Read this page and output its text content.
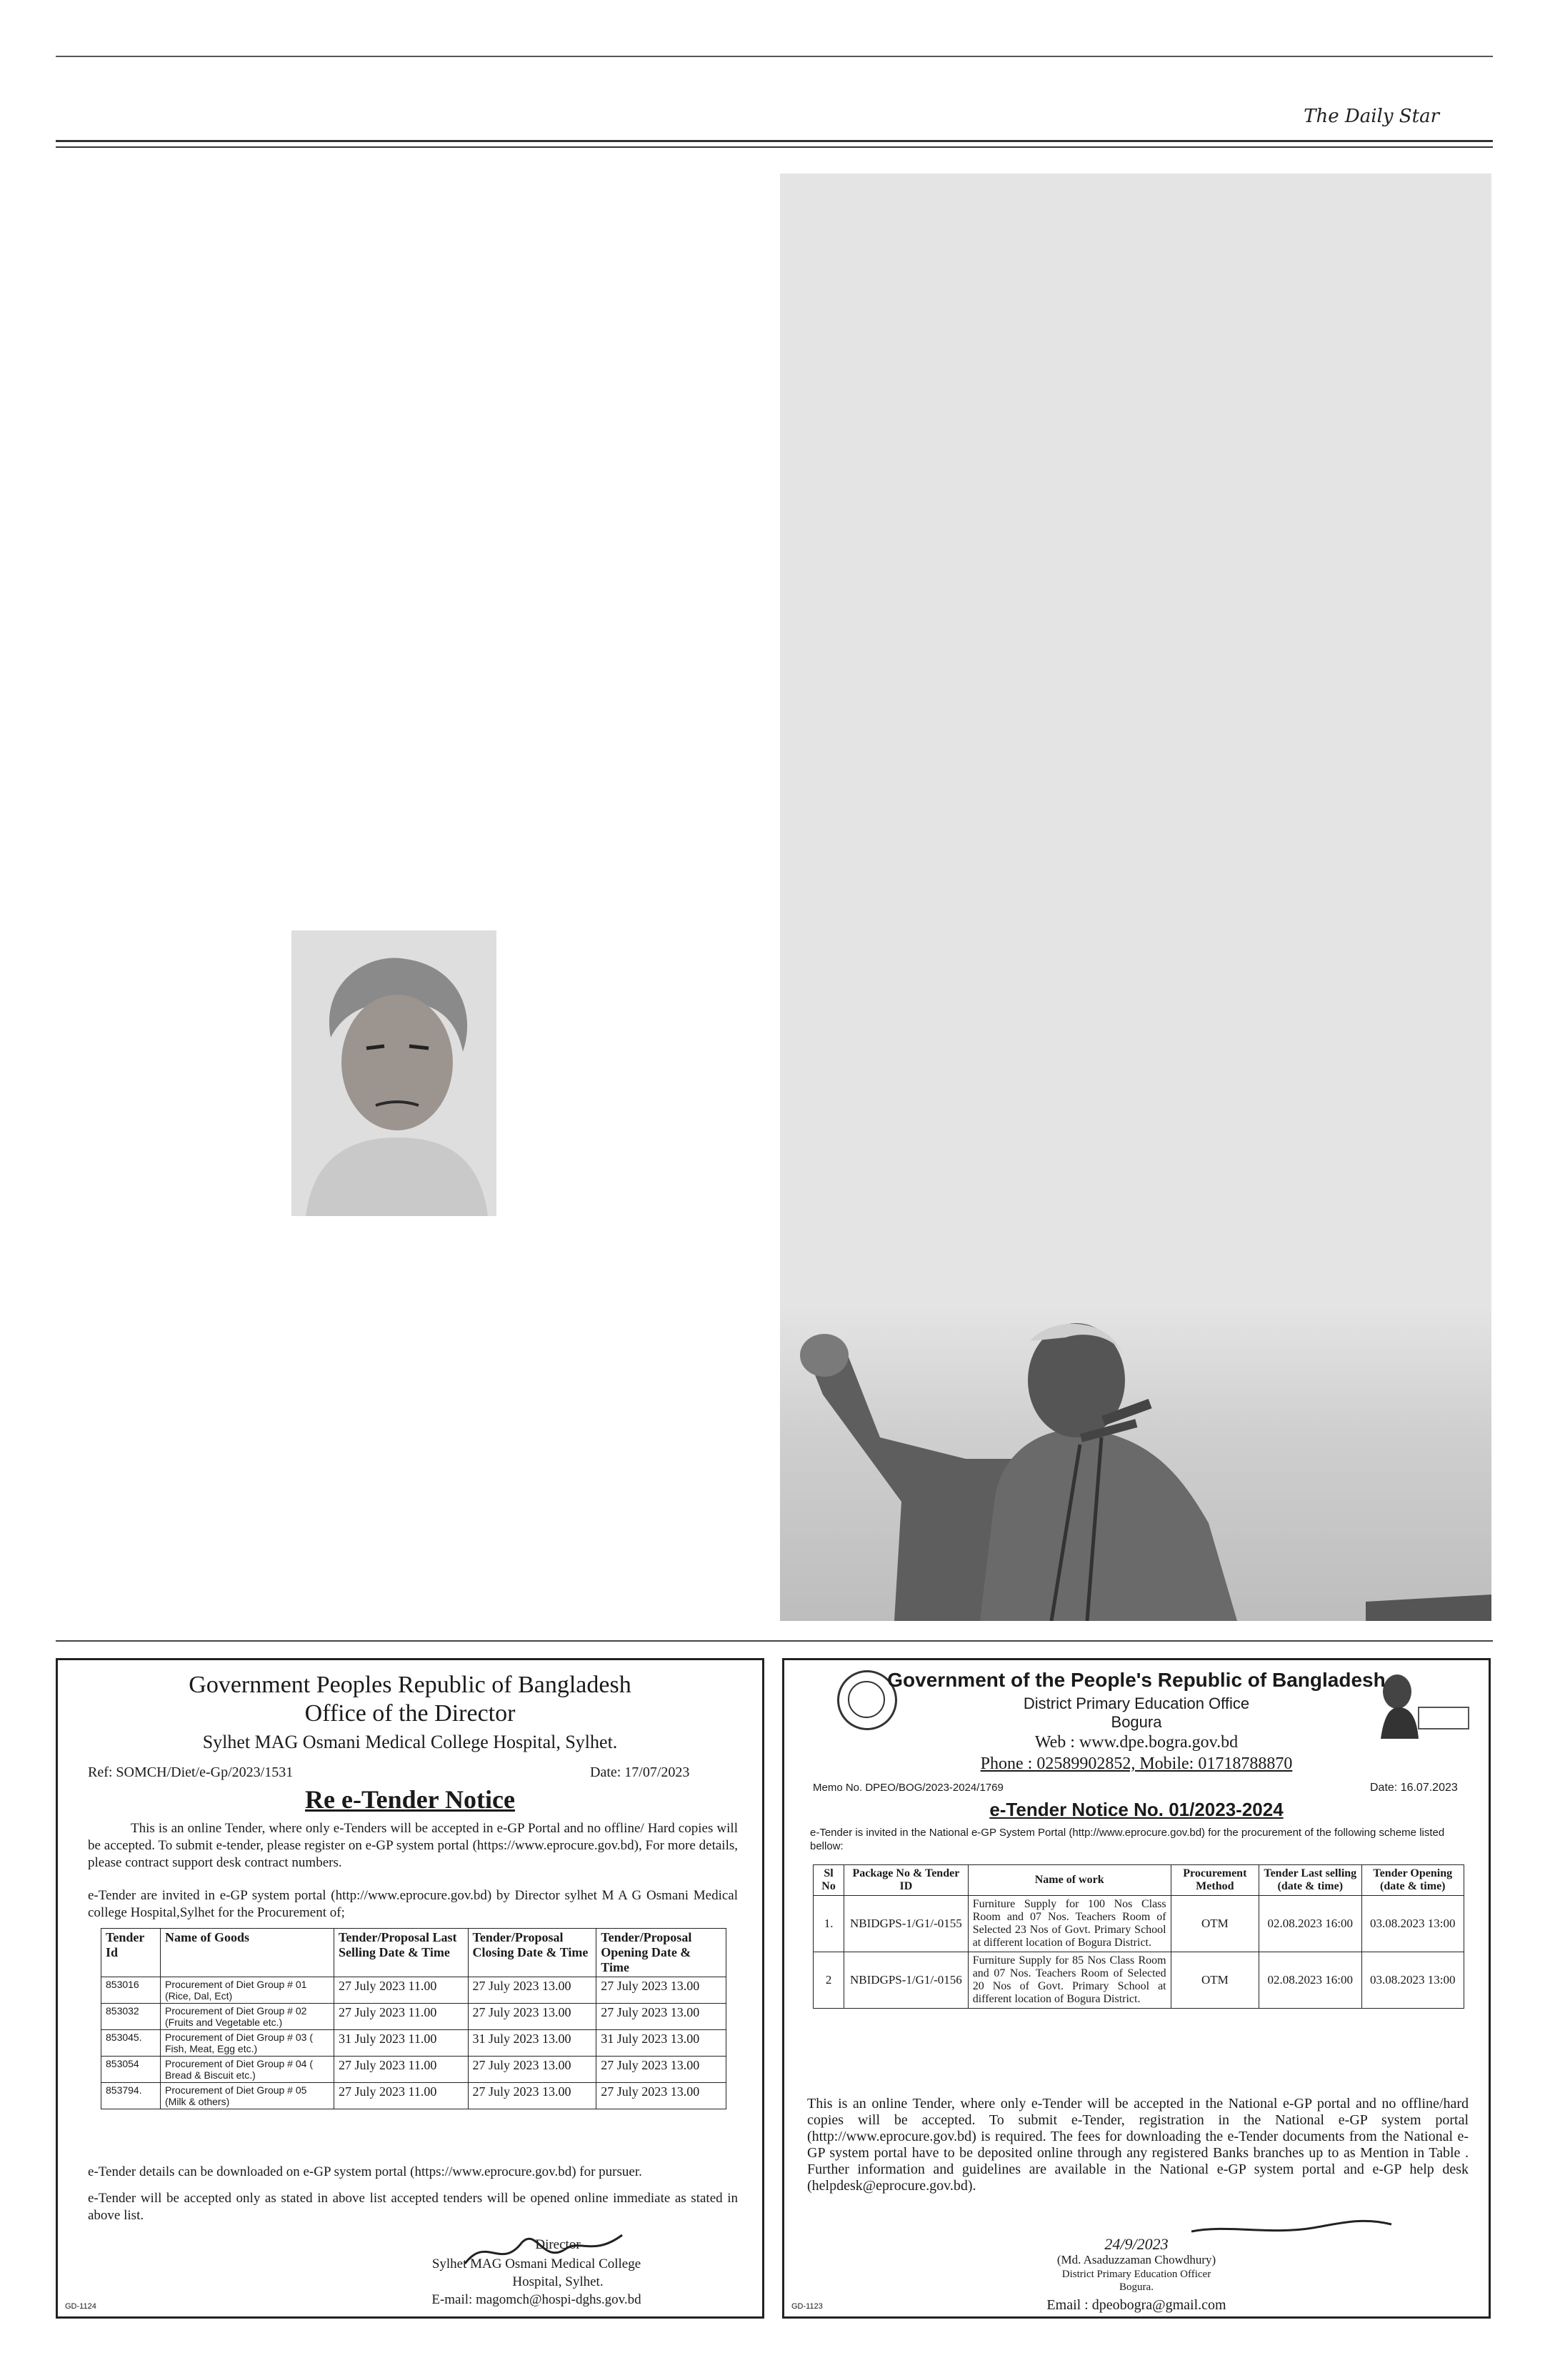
The Daily Star
Government Peoples Republic of Bangladesh
Office of the Director
Sylhet MAG Osmani Medical College Hospital, Sylhet.
Ref: SOMCH/Diet/e-Gp/2023/1531	Date: 17/07/2023
Re e-Tender Notice
This is an online Tender, where only e-Tenders will be accepted in e-GP Portal and no offline/ Hard copies will be accepted. To submit e-tender, please register on e-GP system portal (https://www.eprocure.gov.bd), For more details, please contract support desk contract numbers.
e-Tender are invited in e-GP system portal (http://www.eprocure.gov.bd) by Director sylhet M A G Osmani Medical college Hospital,Sylhet for the Procurement of;
Tender Id	Name of Goods	Tender/Proposal Last Selling Date & Time	Tender/Proposal Closing Date & Time	Tender/Proposal Opening Date & Time
853016	Procurement of Diet Group # 01 (Rice, Dal, Ect)	27 July 2023 11.00	27 July 2023 13.00	27 July 2023 13.00
853032	Procurement of Diet Group # 02 (Fruits and Vegetable etc.)	27 July 2023 11.00	27 July 2023 13.00	27 July 2023 13.00
853045.	Procurement of Diet Group # 03 ( Fish, Meat, Egg etc.)	31 July 2023 11.00	31 July 2023 13.00	31 July 2023 13.00
853054	Procurement of Diet Group # 04 ( Bread & Biscuit etc.)	27 July 2023 11.00	27 July 2023 13.00	27 July 2023 13.00
853794.	Procurement of Diet Group # 05 (Milk & others)	27 July 2023 11.00	27 July 2023 13.00	27 July 2023 13.00
e-Tender details can be downloaded on e-GP system portal (https://www.eprocure.gov.bd) for pursuer.
e-Tender will be accepted only as stated in above list accepted tenders will be opened online immediate as stated in above list.
Director
Sylhet MAG Osmani Medical College
Hospital, Sylhet.
E-mail: magomch@hospi-dghs.gov.bd
GD-1124
Government of the People's Republic of Bangladesh
District Primary Education Office
Bogura
Web : www.dpe.bogra.gov.bd
Phone : 02589902852, Mobile: 01718788870
Memo No. DPEO/BOG/2023-2024/1769	Date: 16.07.2023
e-Tender Notice No. 01/2023-2024
e-Tender is invited in the National e-GP System Portal (http://www.eprocure.gov.bd) for the procurement of the following scheme listed bellow:
Sl No	Package No & Tender ID	Name of work	Procurement Method	Tender Last selling (date & time)	Tender Opening (date & time)
1.	NBIDGPS-1/G1/-0155	Furniture Supply for 100 Nos Class Room and 07 Nos. Teachers Room of Selected 23 Nos of Govt. Primary School at different location of Bogura District.	OTM	02.08.2023 16:00	03.08.2023 13:00
2	NBIDGPS-1/G1/-0156	Furniture Supply for 85 Nos Class Room and 07 Nos. Teachers Room of Selected 20 Nos of Govt. Primary School at different location of Bogura District.	OTM	02.08.2023 16:00	03.08.2023 13:00
This is an online Tender, where only e-Tender will be accepted in the National e-GP portal and no offline/hard copies will be accepted. To submit e-Tender, registration in the National e-GP system portal (http://www.eprocure.gov.bd) is required. The fees for downloading the e-Tender documents from the National e-GP system portal have to be deposited online through any registered Banks branches up to as Mention in Table . Further information and guidelines are available in the National e-GP system portal and e-GP help desk (helpdesk@eprocure.gov.bd).
24/9/2023
(Md. Asaduzzaman Chowdhury)
District Primary Education Officer
Bogura.
Email : dpeobogra@gmail.com
GD-1123
